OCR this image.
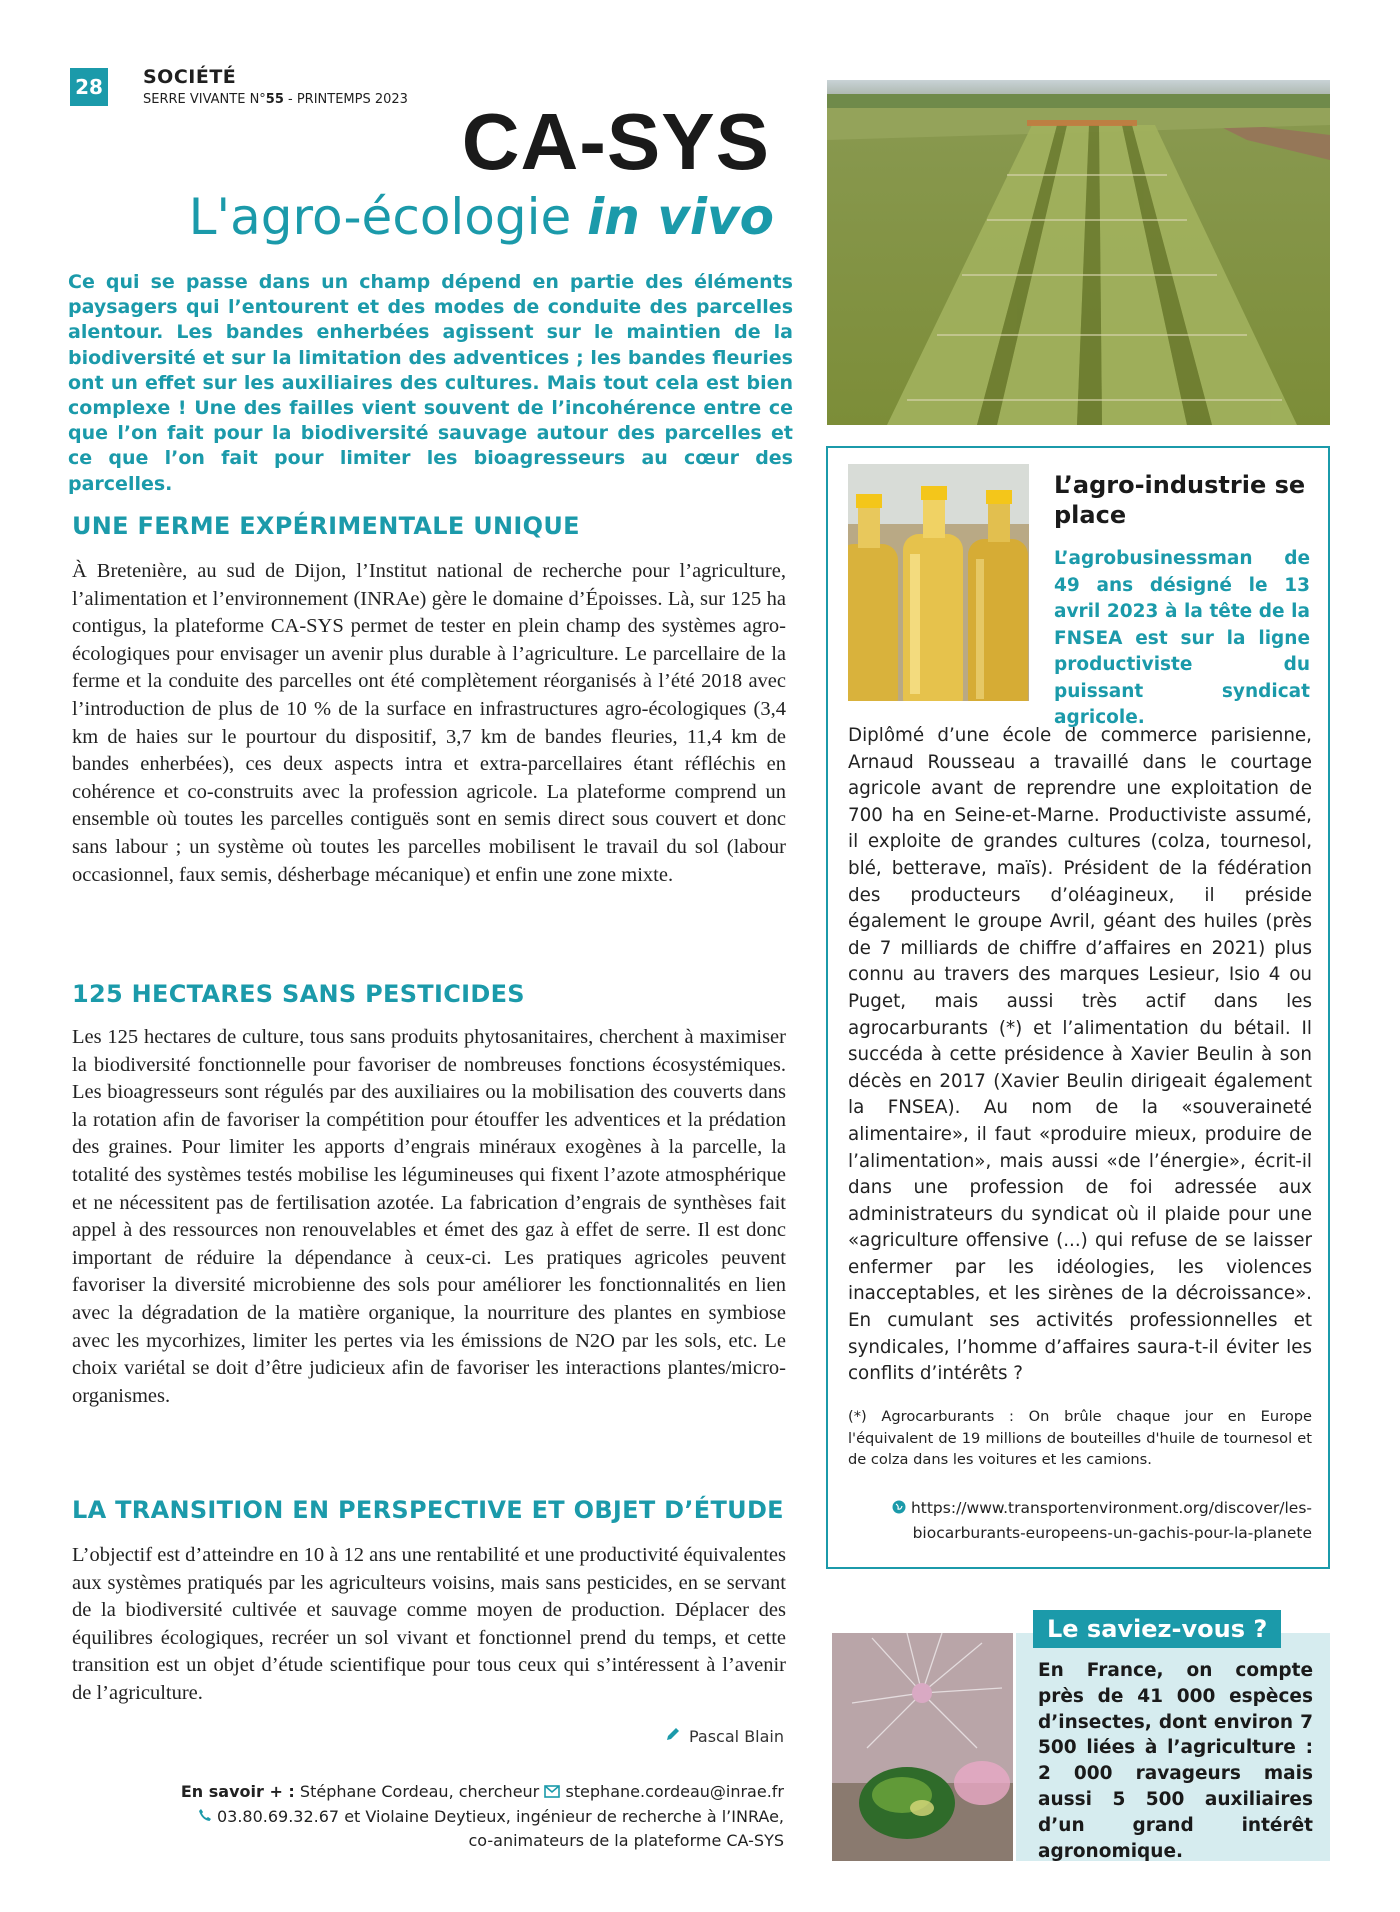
28 SOCIÉTÉ
SERRE VIVANTE N°55 - PRINTEMPS 2023 CA-SYS
L'agro-écologie in vivo
Ce qui se passe dans un champ dépend en partie des éléments paysagers qui l’entourent et des modes de conduite des parcelles alentour. Les bandes enherbées agissent sur le maintien de la biodiversité et sur la limitation des adventices ; les bandes fleuries ont un effet sur les auxiliaires des cultures. Mais tout cela est bien complexe ! Une des failles vient souvent de l’incohérence entre ce que l’on fait pour la biodiversité sauvage autour des parcelles et ce que l’on fait pour limiter les bioagresseurs au cœur des parcelles.
UNE FERME EXPÉRIMENTALE UNIQUE
À Bretenière, au sud de Dijon, l’Institut national de recherche pour l’agriculture, l’alimentation et l’environnement (INRAe) gère le domaine d’Époisses. Là, sur 125 ha contigus, la plateforme CA-SYS permet de tester en plein champ des systèmes agro-écologiques pour envisager un avenir plus durable à l’agriculture. Le parcellaire de la ferme et la conduite des parcelles ont été complètement réorganisés à l’été 2018 avec l’introduction de plus de 10 % de la surface en infrastructures agro-écologiques (3,4 km de haies sur le pourtour du dispositif, 3,7 km de bandes fleuries, 11,4 km de bandes enherbées), ces deux aspects intra et extra-parcellaires étant réfléchis en cohérence et co-construits avec la profession agricole. La plateforme comprend un ensemble où toutes les parcelles contiguës sont en semis direct sous couvert et donc sans labour ; un système où toutes les parcelles mobilisent le travail du sol (labour occasionnel, faux semis, désherbage mécanique) et enfin une zone mixte.
125 HECTARES SANS PESTICIDES
Les 125 hectares de culture, tous sans produits phytosanitaires, cherchent à maximiser la biodiversité fonctionnelle pour favoriser de nombreuses fonctions écosystémiques. Les bioagresseurs sont régulés par des auxiliaires ou la mobilisation des couverts dans la rotation afin de favoriser la compétition pour étouffer les adventices et la prédation des graines. Pour limiter les apports d’engrais minéraux exogènes à la parcelle, la totalité des systèmes testés mobilise les légumineuses qui fixent l’azote atmosphérique et ne nécessitent pas de fertilisation azotée. La fabrication d’engrais de synthèses fait appel à des ressources non renouvelables et émet des gaz à effet de serre. Il est donc important de réduire la dépendance à ceux-ci. Les pratiques agricoles peuvent favoriser la diversité microbienne des sols pour améliorer les fonctionnalités en lien avec la dégradation de la matière organique, la nourriture des plantes en symbiose avec les mycorhizes, limiter les pertes via les émissions de N2O par les sols, etc. Le choix variétal se doit d’être judicieux afin de favoriser les interactions plantes/micro-organismes.
LA TRANSITION EN PERSPECTIVE ET OBJET D’ÉTUDE
L’objectif est d’atteindre en 10 à 12 ans une rentabilité et une productivité équivalentes aux systèmes pratiqués par les agriculteurs voisins, mais sans pesticides, en se servant de la biodiversité cultivée et sauvage comme moyen de production. Déplacer des équilibres écologiques, recréer un sol vivant et fonctionnel prend du temps, et cette transition est un objet d’étude scientifique pour tous ceux qui s’intéressent à l’avenir de l’agriculture.
Pascal Blain
En savoir + : Stéphane Cordeau, chercheur stephane.cordeau@inrae.fr
03.80.69.32.67 et Violaine Deytieux, ingénieur de recherche à l’INRAe,
co-animateurs de la plateforme CA-SYS
L’agro-industrie se place
L’agrobusinessman de 49 ans désigné le 13 avril 2023 à la tête de la FNSEA est sur la ligne productiviste du puissant syndicat agricole.
Diplômé d’une école de commerce parisienne, Arnaud Rousseau a travaillé dans le courtage agricole avant de reprendre une exploitation de 700 ha en Seine-et-Marne. Productiviste assumé, il exploite de grandes cultures (colza, tournesol, blé, betterave, maïs). Président de la fédération des producteurs d’oléagineux, il préside également le groupe Avril, géant des huiles (près de 7 milliards de chiffre d’affaires en 2021) plus connu au travers des marques Lesieur, Isio 4 ou Puget, mais aussi très actif dans les agrocarburants (*) et l’alimentation du bétail. Il succéda à cette présidence à Xavier Beulin à son décès en 2017 (Xavier Beulin dirigeait également la FNSEA). Au nom de la «souveraineté alimentaire», il faut «produire mieux, produire de l’alimentation», mais aussi «de l’énergie», écrit-il dans une profession de foi adressée aux administrateurs du syndicat où il plaide pour une «agriculture offensive (...) qui refuse de se laisser enfermer par les idéologies, les violences inacceptables, et les sirènes de la décroissance». En cumulant ses activités professionnelles et syndicales, l’homme d’affaires saura-t-il éviter les conflits d’intérêts ?
(*) Agrocarburants : On brûle chaque jour en Europe l'équivalent de 19 millions de bouteilles d'huile de tournesol et de colza dans les voitures et les camions.
https://www.transportenvironment.org/discover/les-
biocarburants-europeens-un-gachis-pour-la-planete
Le saviez-vous ?
En France, on compte près de 41 000 espèces d’insectes, dont environ 7 500 liées à l’agriculture : 2 000 ravageurs mais aussi 5 500 auxiliaires d’un grand intérêt agronomique.
